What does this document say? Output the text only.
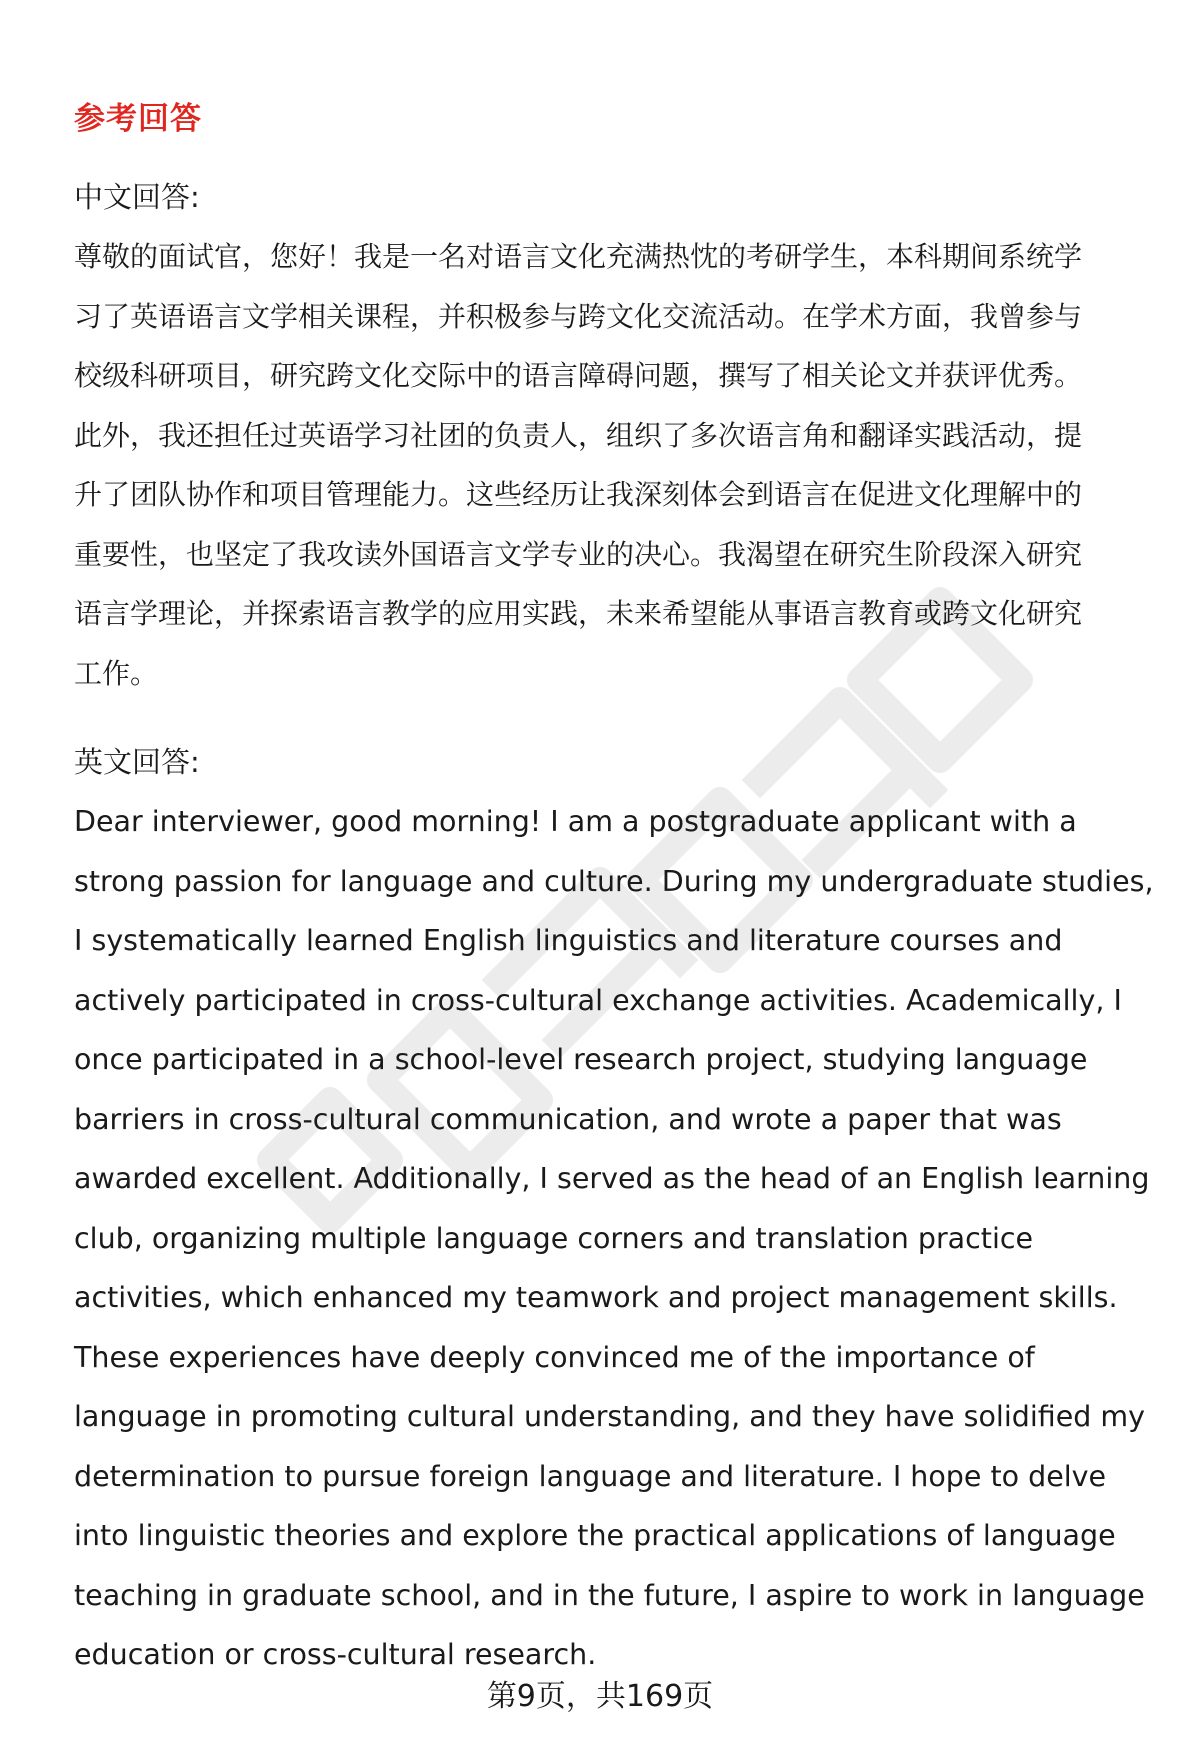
参考回答

中文回答:

尊敬的面试官，您好！我是一名对语言文化充满热忱的考研学生，本科期间系统学
习了英语语言文学相关课程，并积极参与跨文化交流活动。在学术方面，我曾参与
校级科研项目，研究跨文化交际中的语言障碍问题，撰写了相关论文并获评优秀。
此外，我还担任过英语学习社团的负责人，组织了多次语言角和翻译实践活动，提
升了团队协作和项目管理能力。这些经历让我深刻体会到语言在促进文化理解中的
重要性，也坚定了我攻读外国语言文学专业的决心。我渴望在研究生阶段深入研究
语言学理论，并探索语言教学的应用实践，未来希望能从事语言教育或跨文化研究
工作。

英文回答:

Dear interviewer, good morning! I am a postgraduate applicant with a
strong passion for language and culture. During my undergraduate studies,
I systematically learned English linguistics and literature courses and
actively participated in cross-cultural exchange activities. Academically, I
once participated in a school-level research project, studying language
barriers in cross-cultural communication, and wrote a paper that was
awarded excellent. Additionally, I served as the head of an English learning
club, organizing multiple language corners and translation practice
activities, which enhanced my teamwork and project management skills.
These experiences have deeply convinced me of the importance of
language in promoting cultural understanding, and they have solidified my
determination to pursue foreign language and literature. I hope to delve
into linguistic theories and explore the practical applications of language
teaching in graduate school, and in the future, I aspire to work in language
education or cross-cultural research.

第9页，共169页
